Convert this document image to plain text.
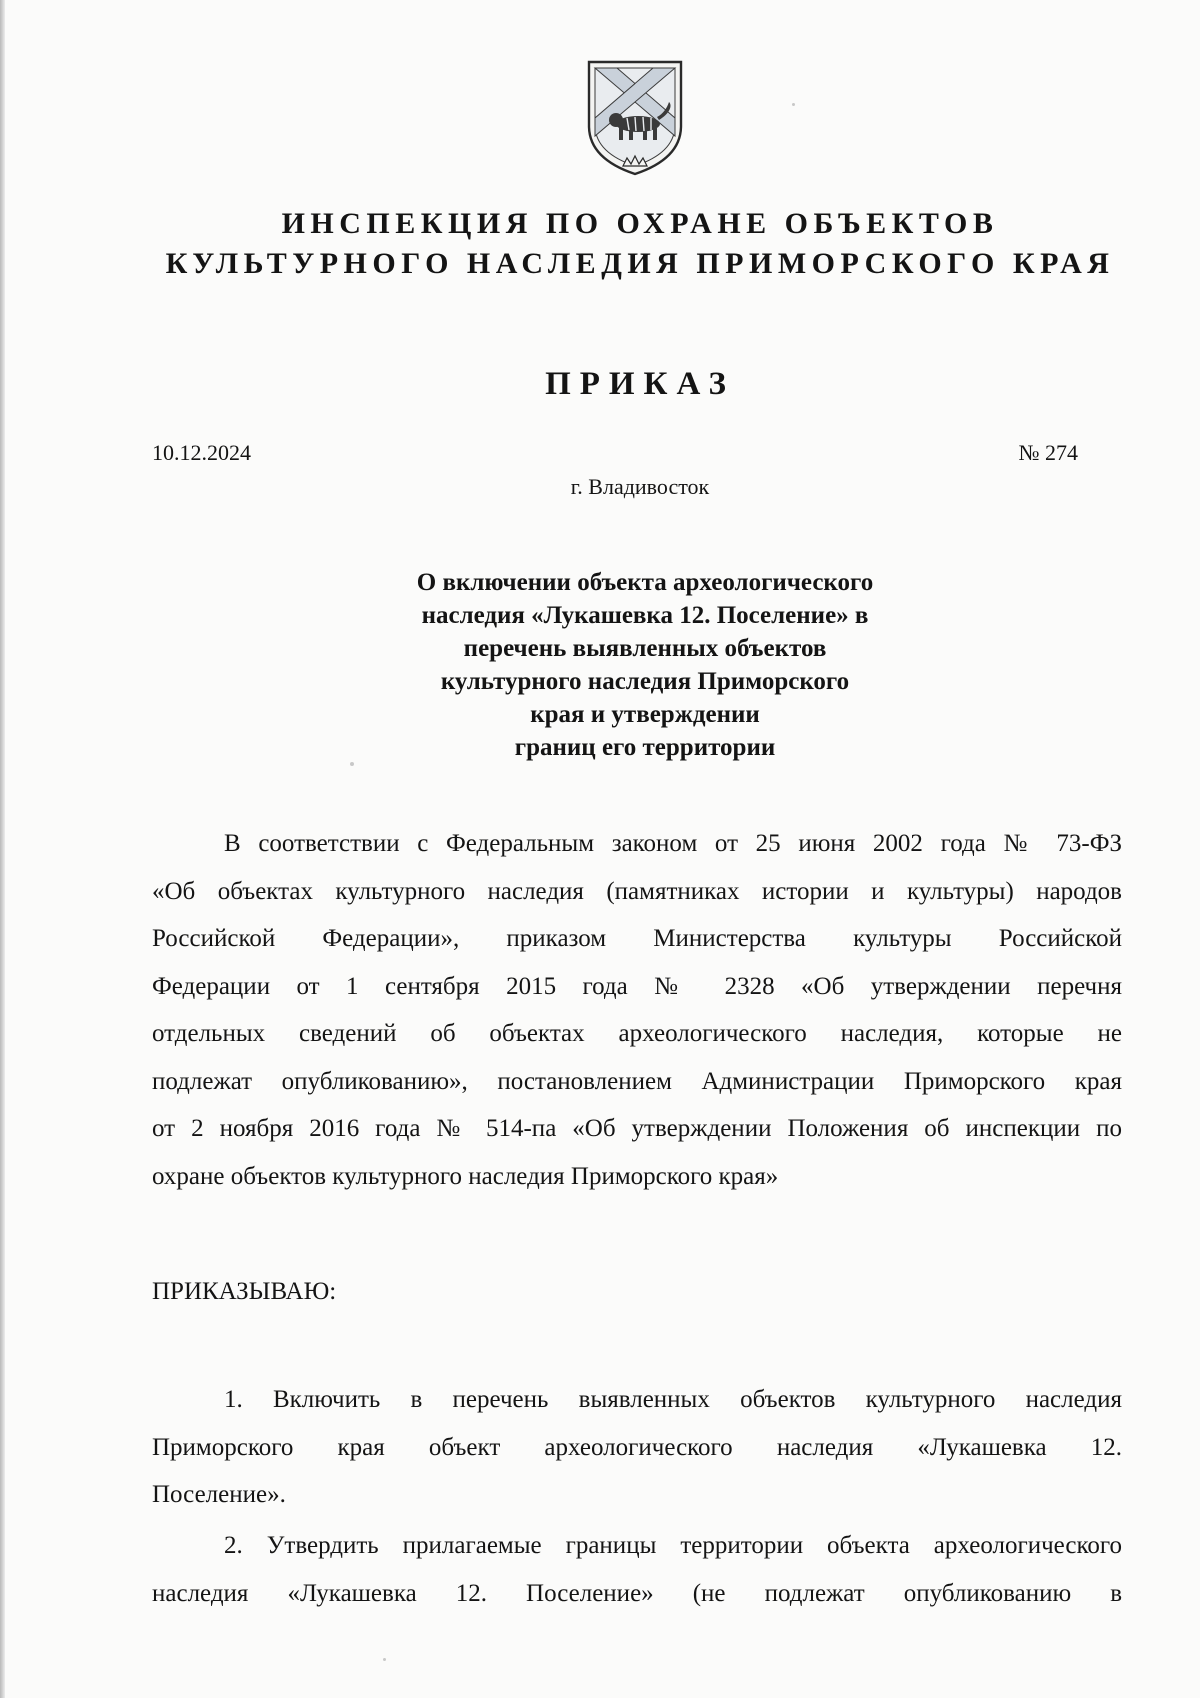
ИНСПЕКЦИЯ ПО ОХРАНЕ ОБЪЕКТОВ
КУЛЬТУРНОГО НАСЛЕДИЯ ПРИМОРСКОГО КРАЯ
ПРИКАЗ
10.12.2024	№ 274
г. Владивосток
О включении объекта археологического
наследия «Лукашевка 12. Поселение» в
перечень выявленных объектов
культурного наследия Приморского
края и утверждении
границ его территории
В соответствии с Федеральным законом от 25 июня 2002 года № 73-ФЗ
«Об объектах культурного наследия (памятниках истории и культуры) народов
Российской Федерации», приказом Министерства культуры Российской
Федерации от 1 сентября 2015 года № 2328 «Об утверждении перечня
отдельных сведений об объектах археологического наследия, которые не
подлежат опубликованию», постановлением Администрации Приморского края
от 2 ноября 2016 года № 514-па «Об утверждении Положения об инспекции по
охране объектов культурного наследия Приморского края»
ПРИКАЗЫВАЮ:
1. Включить в перечень выявленных объектов культурного наследия
Приморского края объект археологического наследия «Лукашевка 12.
Поселение».
2. Утвердить прилагаемые границы территории объекта археологического
наследия «Лукашевка 12. Поселение» (не подлежат опубликованию в
